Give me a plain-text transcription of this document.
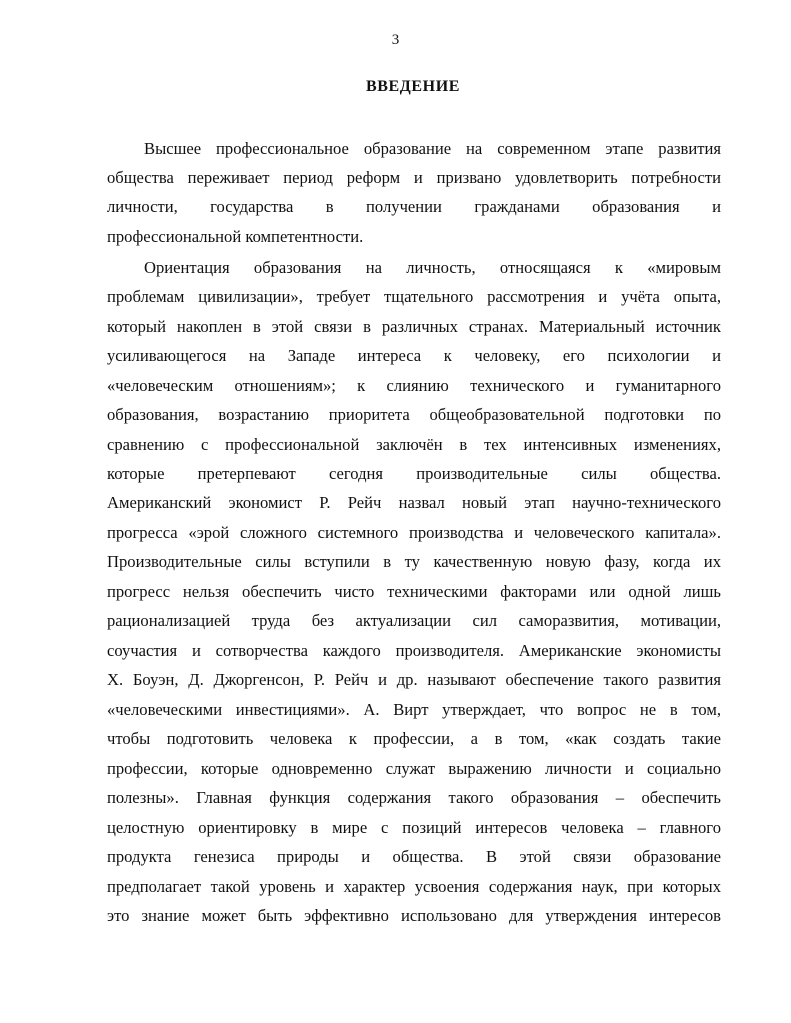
3
ВВЕДЕНИЕ
Высшее профессиональное образование на современном этапе развития
общества переживает период реформ и призвано удовлетворить потребности
личности, государства в получении гражданами образования и
профессиональной компетентности.
Ориентация образования на личность, относящаяся к «мировым
проблемам цивилизации», требует тщательного рассмотрения и учёта опыта,
который накоплен в этой связи в различных странах. Материальный источник
усиливающегося на Западе интереса к человеку, его психологии и
«человеческим отношениям»; к слиянию технического и гуманитарного
образования, возрастанию приоритета общеобразовательной подготовки по
сравнению с профессиональной заключён в тех интенсивных изменениях,
которые претерпевают сегодня производительные силы общества.
Американский экономист Р. Рейч назвал новый этап научно-технического
прогресса «эрой сложного системного производства и человеческого капитала».
Производительные силы вступили в ту качественную новую фазу, когда их
прогресс нельзя обеспечить чисто техническими факторами или одной лишь
рационализацией труда без актуализации сил саморазвития, мотивации,
соучастия и сотворчества каждого производителя. Американские экономисты
Х. Боуэн, Д. Джоргенсон, Р. Рейч и др. называют обеспечение такого развития
«человеческими инвестициями». А. Вирт утверждает, что вопрос не в том,
чтобы подготовить человека к профессии, а в том, «как создать такие
профессии, которые одновременно служат выражению личности и социально
полезны». Главная функция содержания такого образования – обеспечить
целостную ориентировку в мире с позиций интересов человека – главного
продукта генезиса природы и общества. В этой связи образование
предполагает такой уровень и характер усвоения содержания наук, при которых
это знание может быть эффективно использовано для утверждения интересов
